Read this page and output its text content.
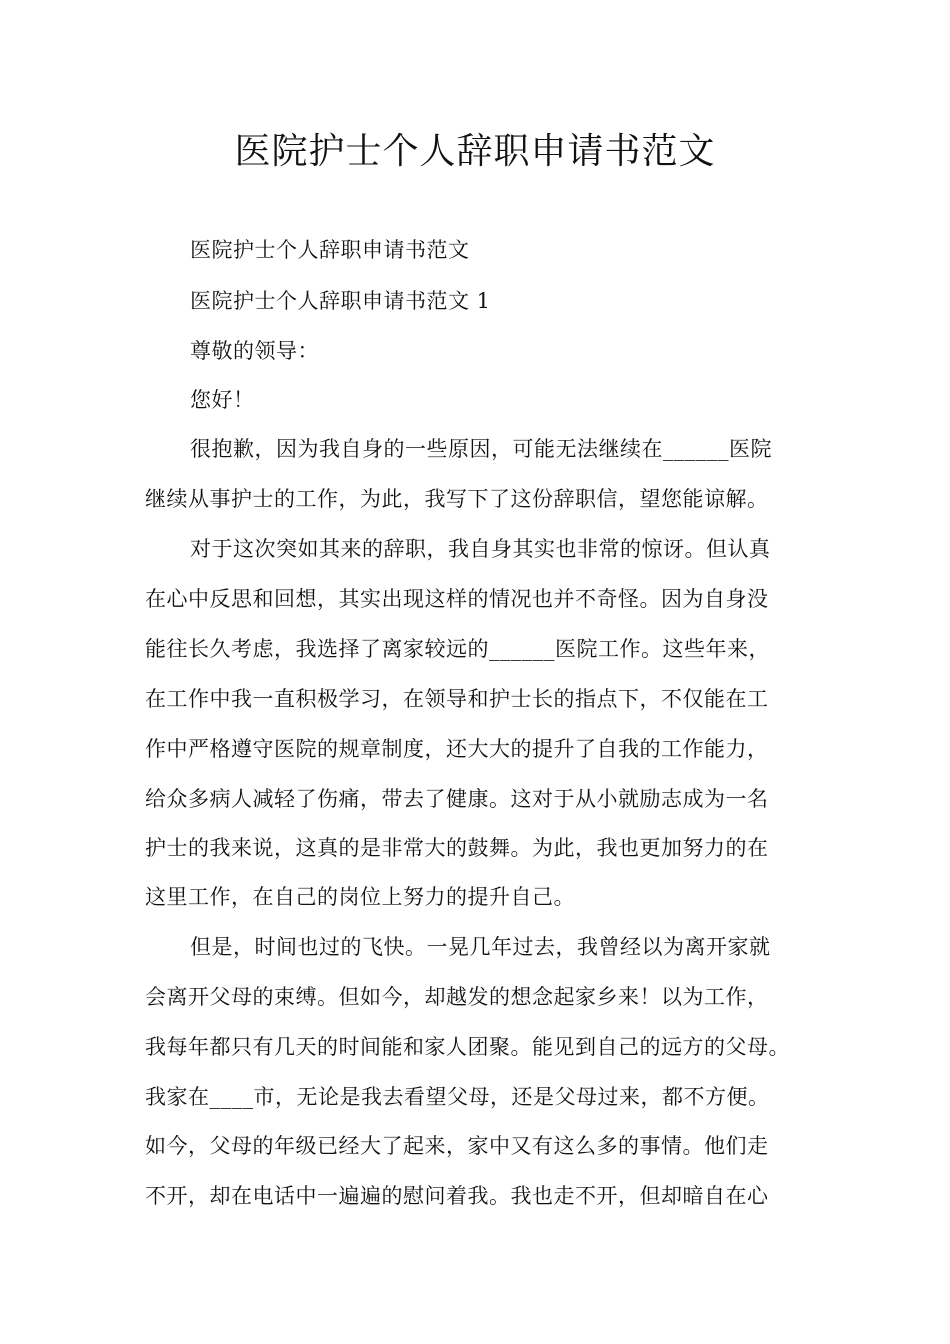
医院护士个人辞职申请书范文
医院护士个人辞职申请书范文
医院护士个人辞职申请书范文 1
尊敬的领导：
您好！
很抱歉，因为我自身的一些原因，可能无法继续在______医院
继续从事护士的工作，为此，我写下了这份辞职信，望您能谅解。
对于这次突如其来的辞职，我自身其实也非常的惊讶。但认真
在心中反思和回想，其实出现这样的情况也并不奇怪。因为自身没
能往长久考虑，我选择了离家较远的______医院工作。这些年来，
在工作中我一直积极学习，在领导和护士长的指点下，不仅能在工
作中严格遵守医院的规章制度，还大大的提升了自我的工作能力，
给众多病人减轻了伤痛，带去了健康。这对于从小就励志成为一名
护士的我来说，这真的是非常大的鼓舞。为此，我也更加努力的在
这里工作，在自己的岗位上努力的提升自己。
但是，时间也过的飞快。一晃几年过去，我曾经以为离开家就
会离开父母的束缚。但如今，却越发的想念起家乡来！以为工作，
我每年都只有几天的时间能和家人团聚。能见到自己的远方的父母。
我家在____市，无论是我去看望父母，还是父母过来，都不方便。
如今，父母的年级已经大了起来，家中又有这么多的事情。他们走
不开，却在电话中一遍遍的慰问着我。我也走不开，但却暗自在心
